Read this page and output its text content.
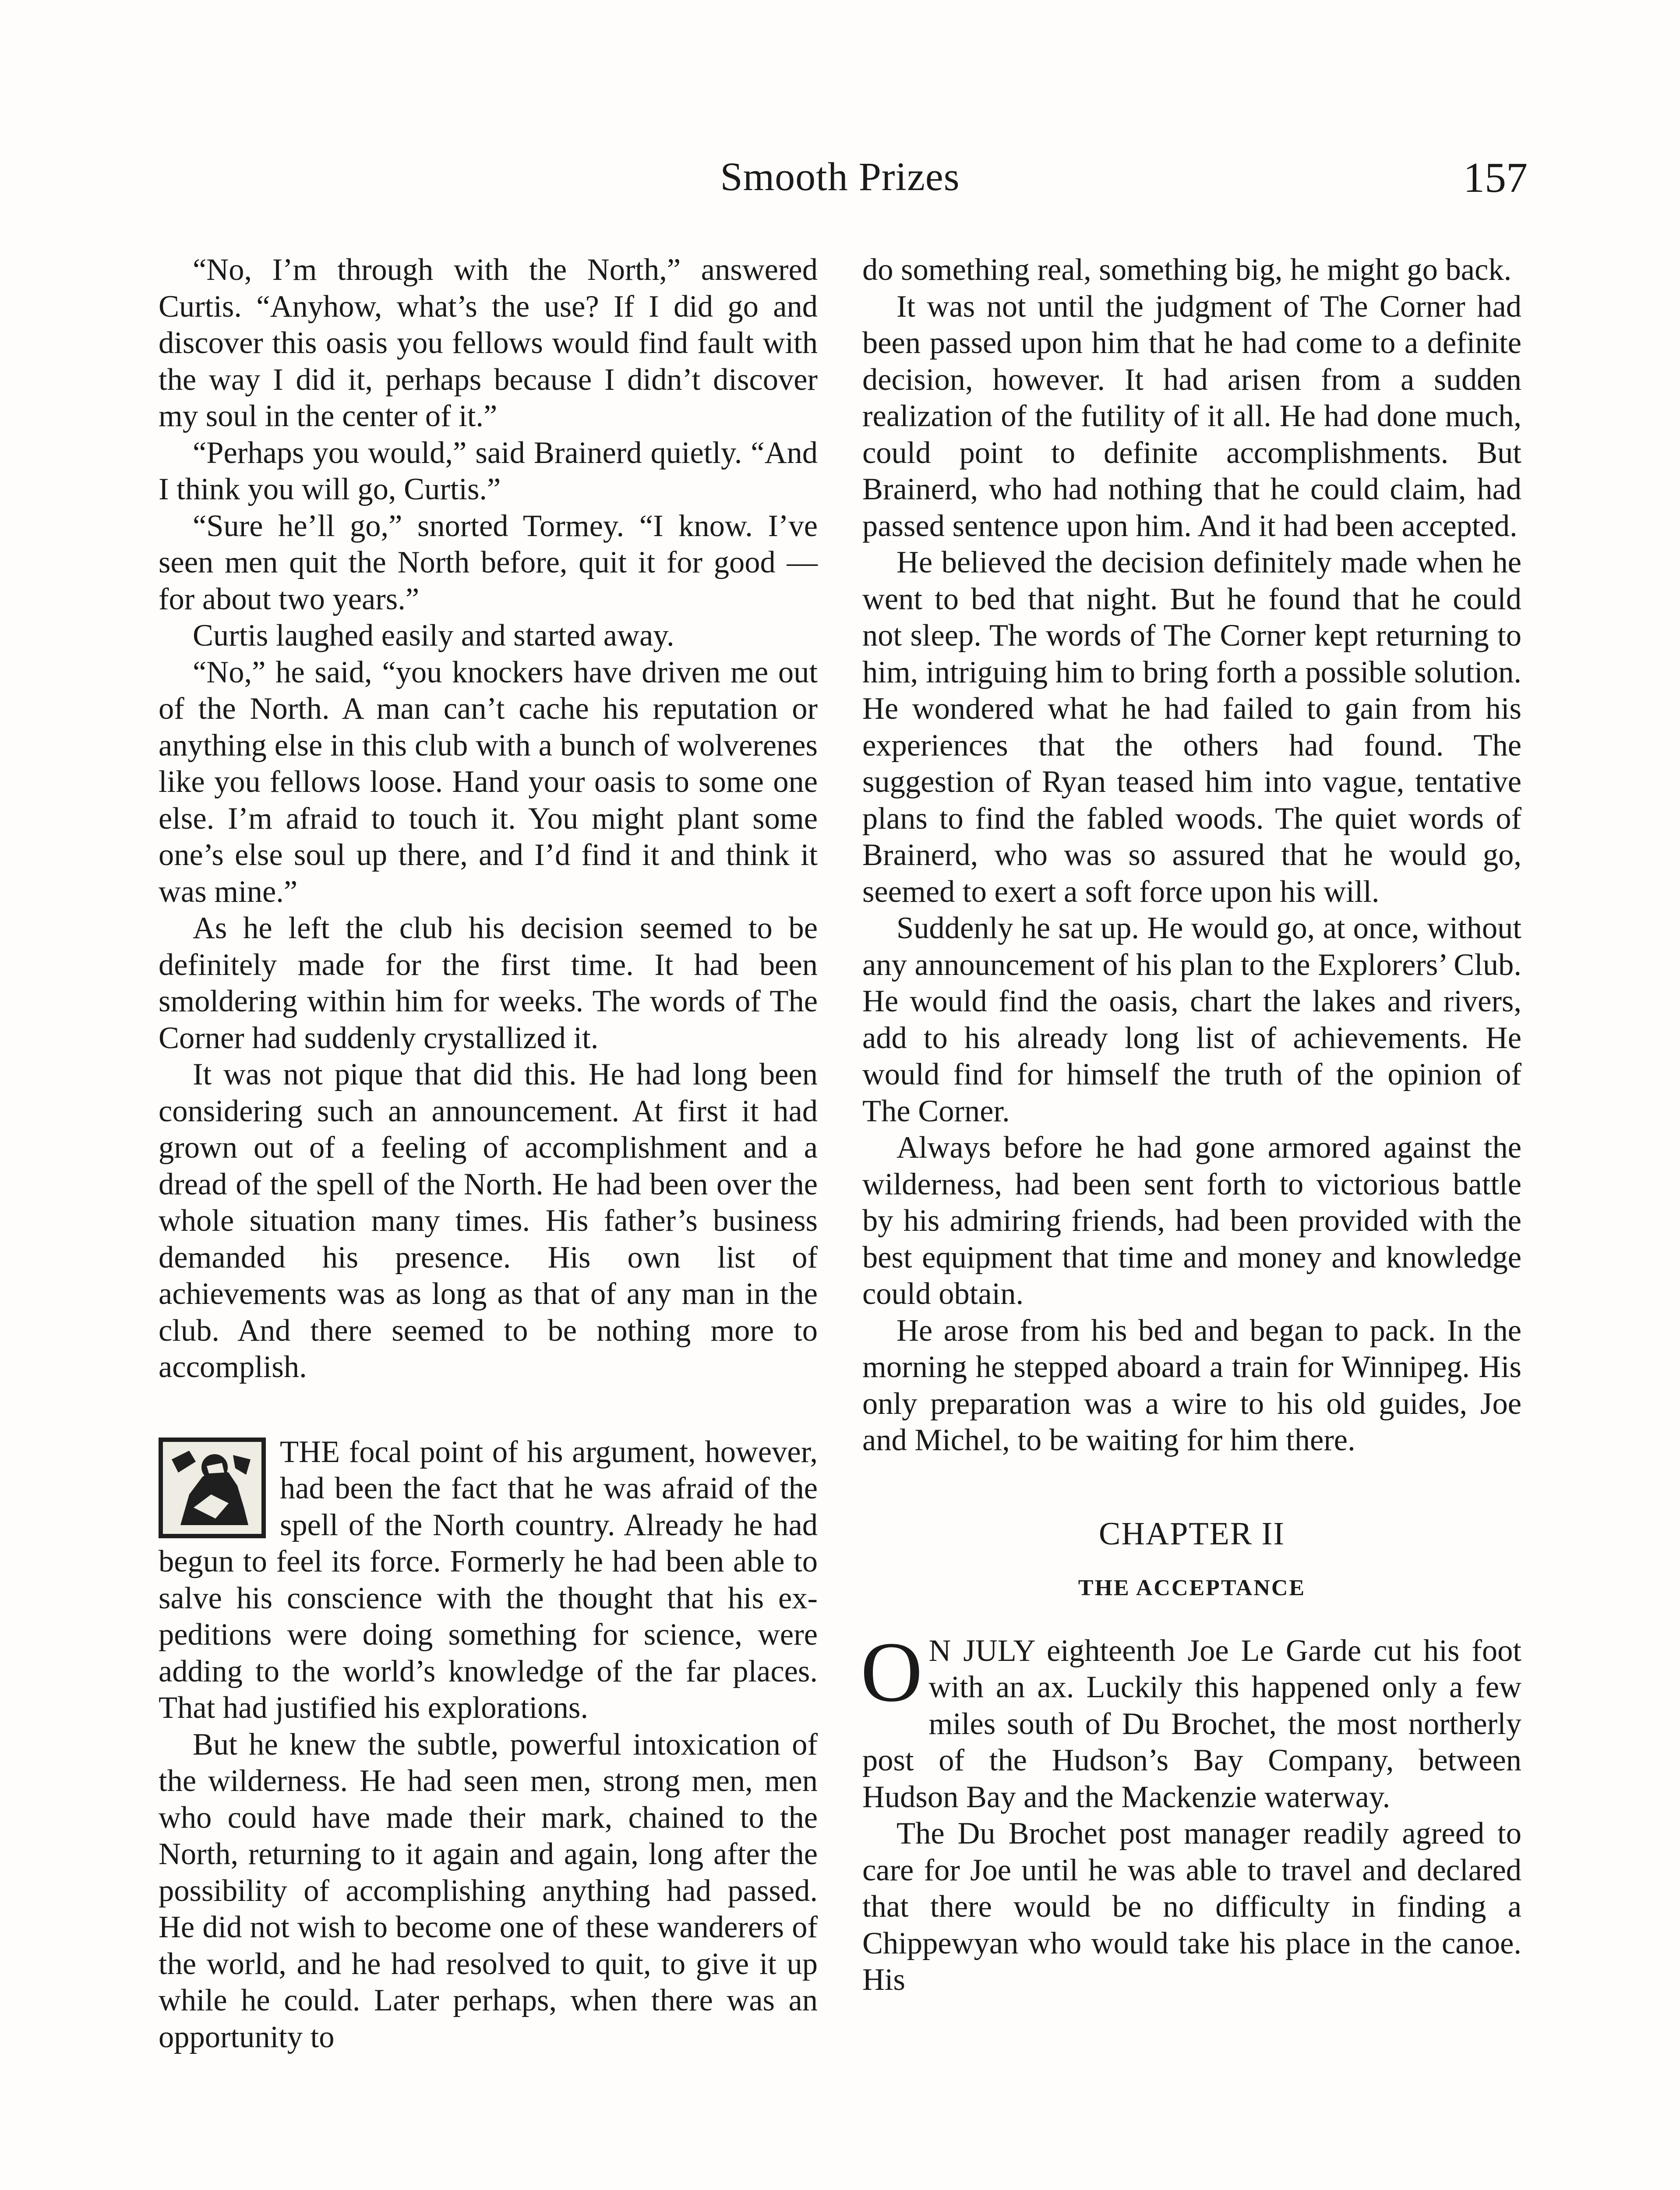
Smooth Prizes	157

“No, I’m through with the North,” answered Curtis. “Anyhow, what’s the use? If I did go and discover this oasis you fellows would find fault with the way I did it, perhaps because I didn’t discover my soul in the center of it.”

“Perhaps you would,” said Brainerd quietly. “And I think you will go, Curtis.”

“Sure he’ll go,” snorted Tormey. “I know. I’ve seen men quit the North before, quit it for good — for about two years.”

Curtis laughed easily and started away.

“No,” he said, “you knockers have driven me out of the North. A man can’t cache his reputation or anything else in this club with a bunch of wolverenes like you fellows loose. Hand your oasis to some one else. I’m afraid to touch it. You might plant some one’s else soul up there, and I’d find it and think it was mine.”

As he left the club his decision seemed to be definitely made for the first time. It had been smoldering within him for weeks. The words of The Corner had suddenly crystallized it.

It was not pique that did this. He had long been considering such an announcement. At first it had grown out of a feeling of accomplishment and a dread of the spell of the North. He had been over the whole situation many times. His father’s business demanded his presence. His own list of achievements was as long as that of any man in the club. And there seemed to be nothing more to accomplish.

THE focal point of his argument, however, had been the fact that he was afraid of the spell of the North country. Already he had begun to feel its force. Formerly he had been able to salve his conscience with the thought that his expeditions were doing something for science, were adding to the world’s knowledge of the far places. That had justified his explorations.

But he knew the subtle, powerful intoxication of the wilderness. He had seen men, strong men, men who could have made their mark, chained to the North, returning to it again and again, long after the possibility of accomplishing anything had passed. He did not wish to become one of these wanderers of the world, and he had resolved to quit, to give it up while he could. Later perhaps, when there was an opportunity to

do something real, something big, he might go back.

It was not until the judgment of The Corner had been passed upon him that he had come to a definite decision, however. It had arisen from a sudden realization of the futility of it all. He had done much, could point to definite accomplishments. But Brainerd, who had nothing that he could claim, had passed sentence upon him. And it had been accepted.

He believed the decision definitely made when he went to bed that night. But he found that he could not sleep. The words of The Corner kept returning to him, intriguing him to bring forth a possible solution. He wondered what he had failed to gain from his experiences that the others had found. The suggestion of Ryan teased him into vague, tentative plans to find the fabled woods. The quiet words of Brainerd, who was so assured that he would go, seemed to exert a soft force upon his will.

Suddenly he sat up. He would go, at once, without any announcement of his plan to the Explorers’ Club. He would find the oasis, chart the lakes and rivers, add to his already long list of achievements. He would find for himself the truth of the opinion of The Corner.

Always before he had gone armored against the wilderness, had been sent forth to victorious battle by his admiring friends, had been provided with the best equipment that time and money and knowledge could obtain.

He arose from his bed and began to pack. In the morning he stepped aboard a train for Winnipeg. His only preparation was a wire to his old guides, Joe and Michel, to be waiting for him there.

CHAPTER II
THE ACCEPTANCE
O N JULY eighteenth Joe Le Garde cut his foot with an ax. Luckily this happened only a few miles south of Du Brochet, the most northerly post of the Hudson’s Bay Company, between Hudson Bay and the Mackenzie waterway.

The Du Brochet post manager readily agreed to care for Joe until he was able to travel and declared that there would be no difficulty in finding a Chippewyan who would take his place in the canoe. His
